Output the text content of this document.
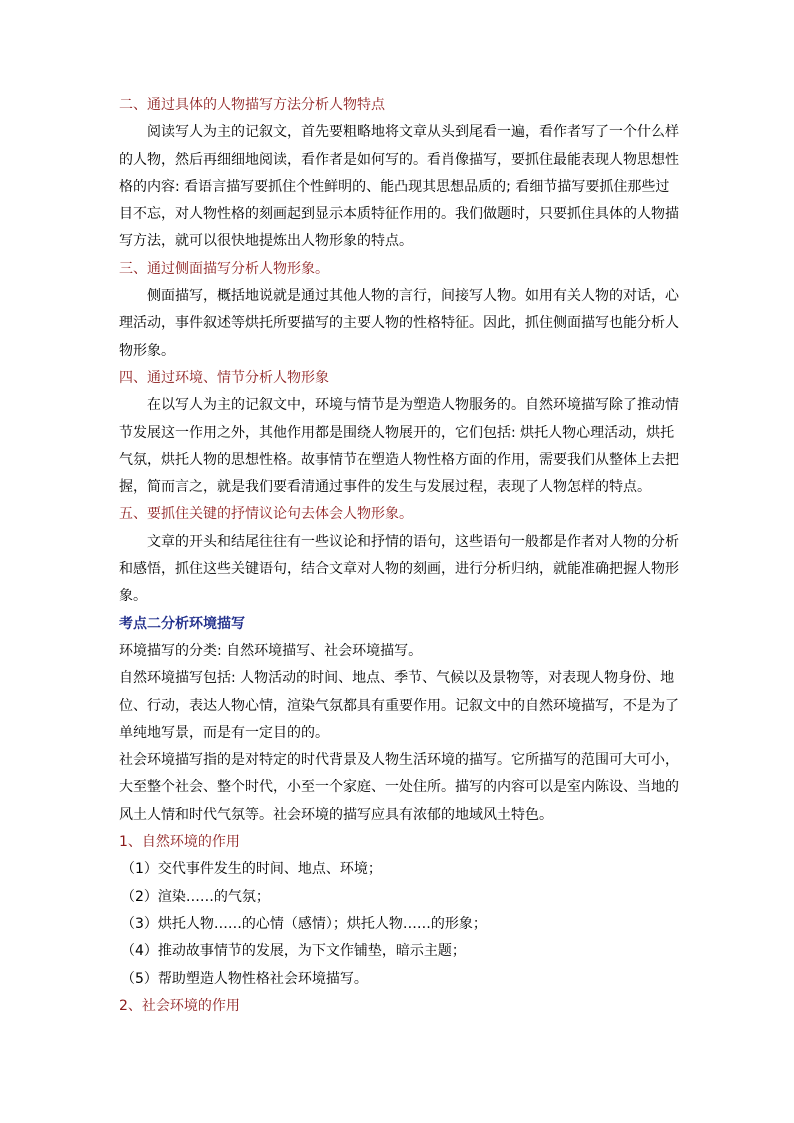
二、通过具体的人物描写方法分析人物特点
阅读写人为主的记叙文，首先要粗略地将文章从头到尾看一遍，看作者写了一个什么样
的人物，然后再细细地阅读，看作者是如何写的。看肖像描写，要抓住最能表现人物思想性
格的内容: 看语言描写要抓住个性鲜明的、能凸现其思想品质的; 看细节描写要抓住那些过
目不忘，对人物性格的刻画起到显示本质特征作用的。我们做题时，只要抓住具体的人物描
写方法，就可以很快地提炼出人物形象的特点。
三、通过侧面描写分析人物形象。
侧面描写，概括地说就是通过其他人物的言行，间接写人物。如用有关人物的对话，心
理活动，事件叙述等烘托所要描写的主要人物的性格特征。因此，抓住侧面描写也能分析人
物形象。
四、通过环境、情节分析人物形象
在以写人为主的记叙文中，环境与情节是为塑造人物服务的。自然环境描写除了推动情
节发展这一作用之外，其他作用都是围绕人物展开的，它们包括: 烘托人物心理活动，烘托
气氛，烘托人物的思想性格。故事情节在塑造人物性格方面的作用，需要我们从整体上去把
握，简而言之，就是我们要看清通过事件的发生与发展过程，表现了人物怎样的特点。
五、要抓住关键的抒情议论句去体会人物形象。
文章的开头和结尾往往有一些议论和抒情的语句，这些语句一般都是作者对人物的分析
和感悟，抓住这些关键语句，结合文章对人物的刻画，进行分析归纳，就能准确把握人物形
象。
考点二分析环境描写
环境描写的分类: 自然环境描写、社会环境描写。
自然环境描写包括: 人物活动的时间、地点、季节、气候以及景物等，对表现人物身份、地
位、行动，表达人物心情，渲染气氛都具有重要作用。记叙文中的自然环境描写，不是为了
单纯地写景，而是有一定目的的。
社会环境描写指的是对特定的时代背景及人物生活环境的描写。它所描写的范围可大可小，
大至整个社会、整个时代，小至一个家庭、一处住所。描写的内容可以是室内陈设、当地的
风土人情和时代气氛等。社会环境的描写应具有浓郁的地域风土特色。
1、自然环境的作用
（1）交代事件发生的时间、地点、环境；
（2）渲染……的气氛；
（3）烘托人物……的心情（感情）；烘托人物……的形象；
（4）推动故事情节的发展，为下文作铺垫，暗示主题；
（5）帮助塑造人物性格社会环境描写。
2、社会环境的作用
